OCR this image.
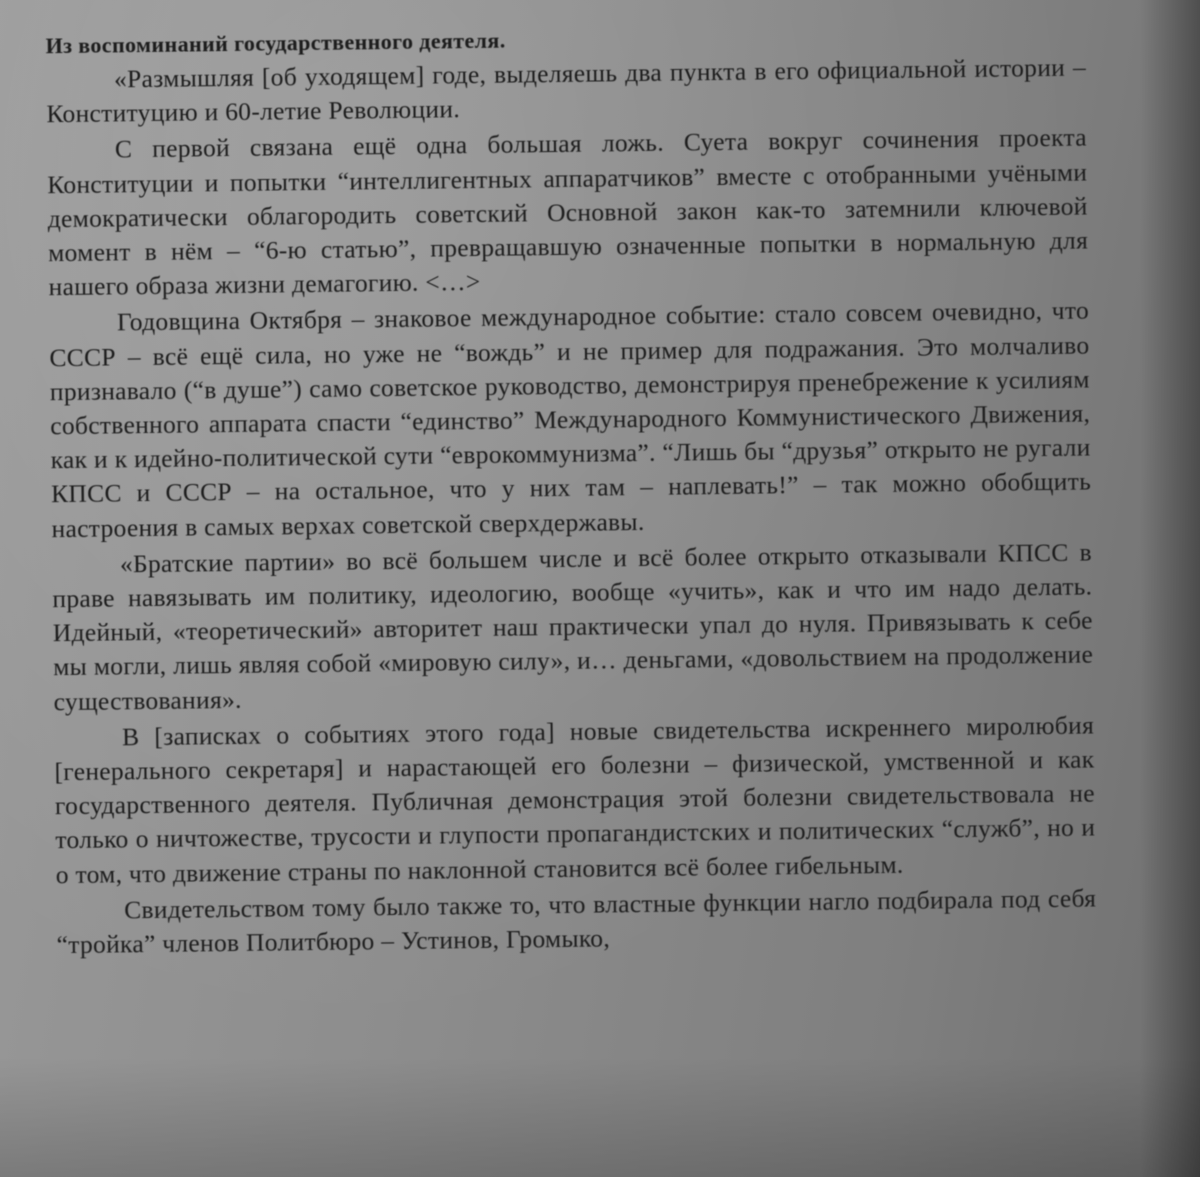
Из воспоминаний государственного деятеля.

«Размышляя [об уходящем] годе, выделяешь два пункта в его официальной истории – Конституцию и 60-летие Революции.

С первой связана ещё одна большая ложь. Суета вокруг сочинения проекта Конституции и попытки “интеллигентных аппаратчиков” вместе с отобранными учёными демократически облагородить советский Основной закон как-то затемнили ключевой момент в нём – “6-ю статью”, превращавшую означенные попытки в нормальную для нашего образа жизни демагогию. <…>

Годовщина Октября – знаковое международное событие: стало совсем очевидно, что СССР – всё ещё сила, но уже не “вождь” и не пример для подражания. Это молчаливо признавало (“в душе”) само советское руководство, демонстрируя пренебрежение к усилиям собственного аппарата спасти “единство” Международного Коммунистического Движения, как и к идейно-политической сути “еврокоммунизма”. “Лишь бы “друзья” открыто не ругали КПСС и СССР – на остальное, что у них там – наплевать!” – так можно обобщить настроения в самых верхах советской сверхдержавы.

«Братские партии» во всё большем числе и всё более открыто отказывали КПСС в праве навязывать им политику, идеологию, вообще «учить», как и что им надо делать. Идейный, «теоретический» авторитет наш практически упал до нуля. Привязывать к себе мы могли, лишь являя собой «мировую силу», и… деньгами, «довольствием на продолжение существования».

В [записках о событиях этого года] новые свидетельства искреннего миролюбия [генерального секретаря] и нарастающей его болезни – физической, умственной и как государственного деятеля. Публичная демонстрация этой болезни свидетельствовала не только о ничтожестве, трусости и глупости пропагандистских и политических “служб”, но и о том, что движение страны по наклонной становится всё более гибельным.

Свидетельством тому было также то, что властные функции нагло подбирала под себя “тройка” членов Политбюро – Устинов, Громыко,
